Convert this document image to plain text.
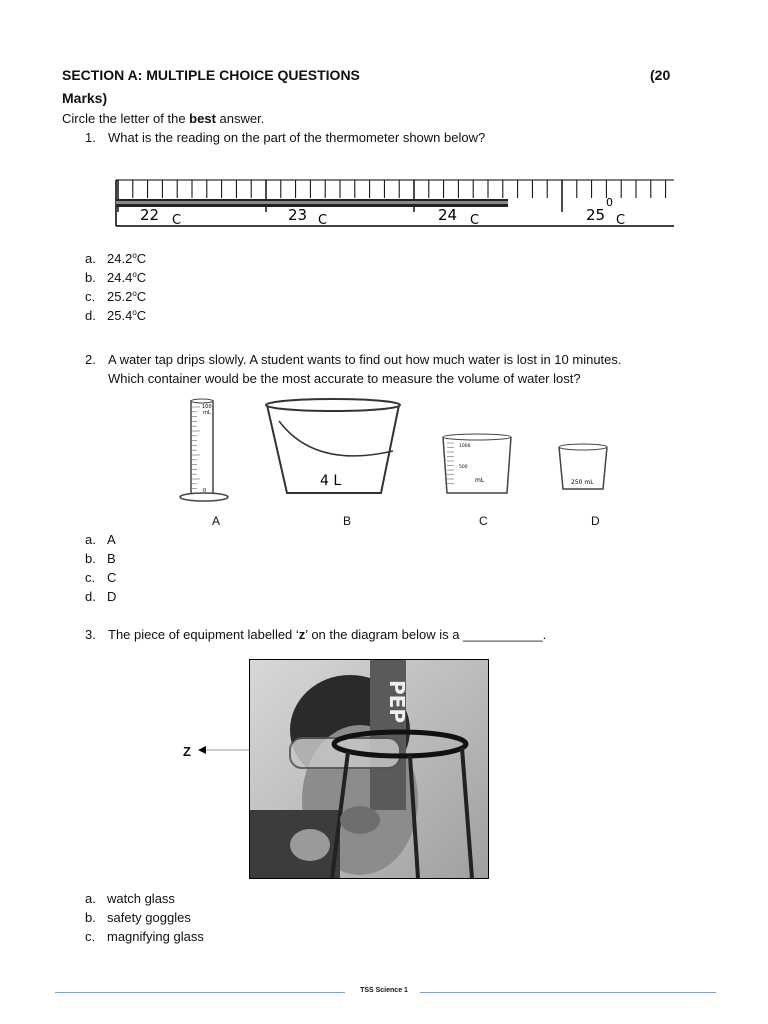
SECTION A: MULTIPLE CHOICE QUESTIONS	(20
Marks)
Circle the letter of the best answer.
1. What is the reading on the part of the thermometer shown below?
22	23	24	25
C	C	C	C
0
a. 24.2$^o$C
b. 24.4$^o$C
c. 25.2$^o$C
d. 25.4$^o$C
2. A water tap drips slowly. A student wants to find out how much water is lost in 10 minutes.
Which container would be the most accurate to measure the volume of water lost?
100
mL
0
4 L
1000
500
mL	250 mL
A	B	C	D
a. A
b. B
c. C
d. D
3. The piece of equipment labelled ‘z’ on the diagram below is a ___________.
Z
PEP
a. watch glass
b. safety goggles
c. magnifying glass
TSS Science 1
